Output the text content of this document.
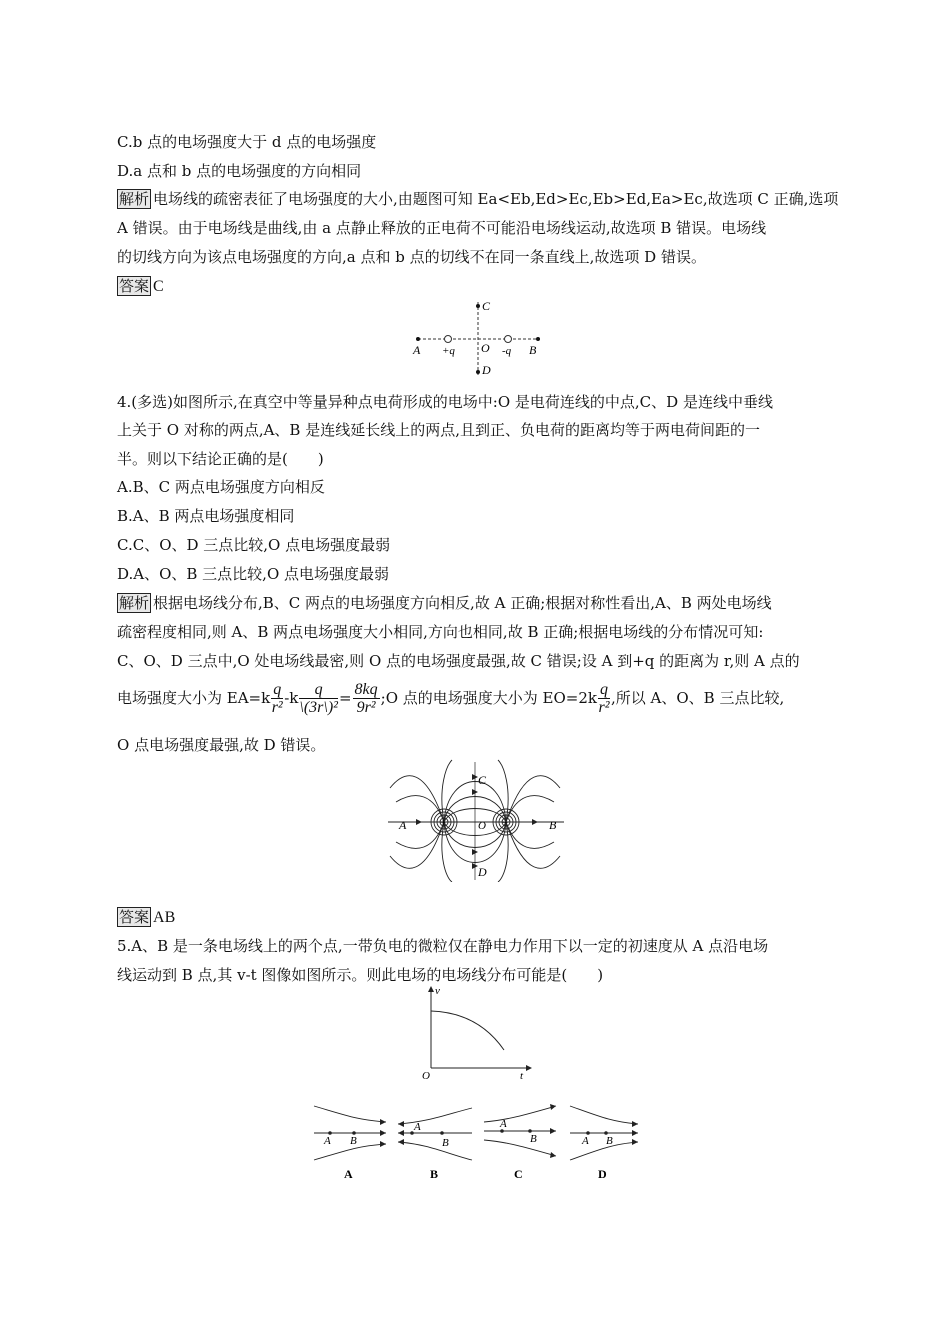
C.b 点的电场强度大于 d 点的电场强度
D.a 点和 b 点的电场强度的方向相同
解析 电场线的疏密表征了电场强度的大小,由题图可知 Ea<Eb,Ed>Ec,Eb>Ed,Ea>Ec,故选项 C 正确,选项
A 错误。由于电场线是曲线,由 a 点静止释放的正电荷不可能沿电场线运动,故选项 B 错误。电场线
的切线方向为该点电场强度的方向,a 点和 b 点的切线不在同一条直线上,故选项 D 错误。
答案 C
A +q O -q B
C
D
4.(多选)如图所示,在真空中等量异种点电荷形成的电场中:O 是电荷连线的中点,C、D 是连线中垂线
上关于 O 对称的两点,A、B 是连线延长线上的两点,且到正、负电荷的距离均等于两电荷间距的一
半。则以下结论正确的是(　　)
A.B、C 两点电场强度方向相反
B.A、B 两点电场强度相同
C.C、O、D 三点比较,O 点电场强度最弱
D.A、O、B 三点比较,O 点电场强度最弱
解析 根据电场线分布,B、C 两点的电场强度方向相反,故 A 正确;根据对称性看出,A、B 两处电场线
疏密程度相同,则 A、B 两点电场强度大小相同,方向也相同,故 B 正确;根据电场线的分布情况可知:
C、O、D 三点中,O 处电场线最密,则 O 点的电场强度最强,故 C 错误;设 A 到+q 的距离为 r,则 A 点的
电场强度大小为 $EA=k \frac{q}{\text{r²}} -k \frac{q}{\text{\textbackslash{}(3r\textbackslash{})²}} = \frac{8kq}{\text{9r²}}$ ;O 点的电场强度大小为 $EO=2k \frac{q}{\text{r²}}$ ,所以 A、O、B 三点比较,
O 点电场强度最强,故 D 错误。
A	B
C
D
O
+	−
答案 AB
5.A、B 是一条电场线上的两个点,一带负电的微粒仅在静电力作用下以一定的初速度从 A 点沿电场
线运动到 B 点,其 v-t 图像如图所示。则此电场的电场线分布可能是(　　)
v
t
O
A B
A
B
A
B	A B
A	B	C	D
